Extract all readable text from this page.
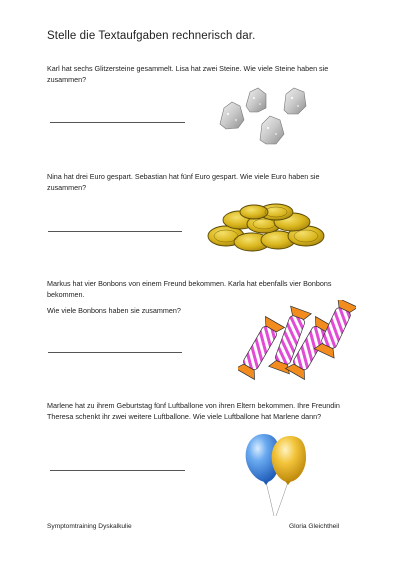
Stelle die Textaufgaben rechnerisch dar.
Karl hat sechs Glitzersteine gesammelt. Lisa hat zwei Steine. Wie viele Steine haben sie zusammen?
Nina hat drei Euro gespart. Sebastian hat fünf Euro gespart. Wie viele Euro haben sie zusammen?
Markus hat vier Bonbons von einem Freund bekommen. Karla hat ebenfalls vier Bonbons bekommen.
Wie viele Bonbons haben sie zusammen?
Marlene hat zu ihrem Geburtstag fünf Luftballone von ihren Eltern bekommen. Ihre Freundin Theresa schenkt ihr zwei weitere Luftballone. Wie viele Luftballone hat Marlene dann?
Symptomtraining Dyskalkulie	Gloria Gleichtheil
